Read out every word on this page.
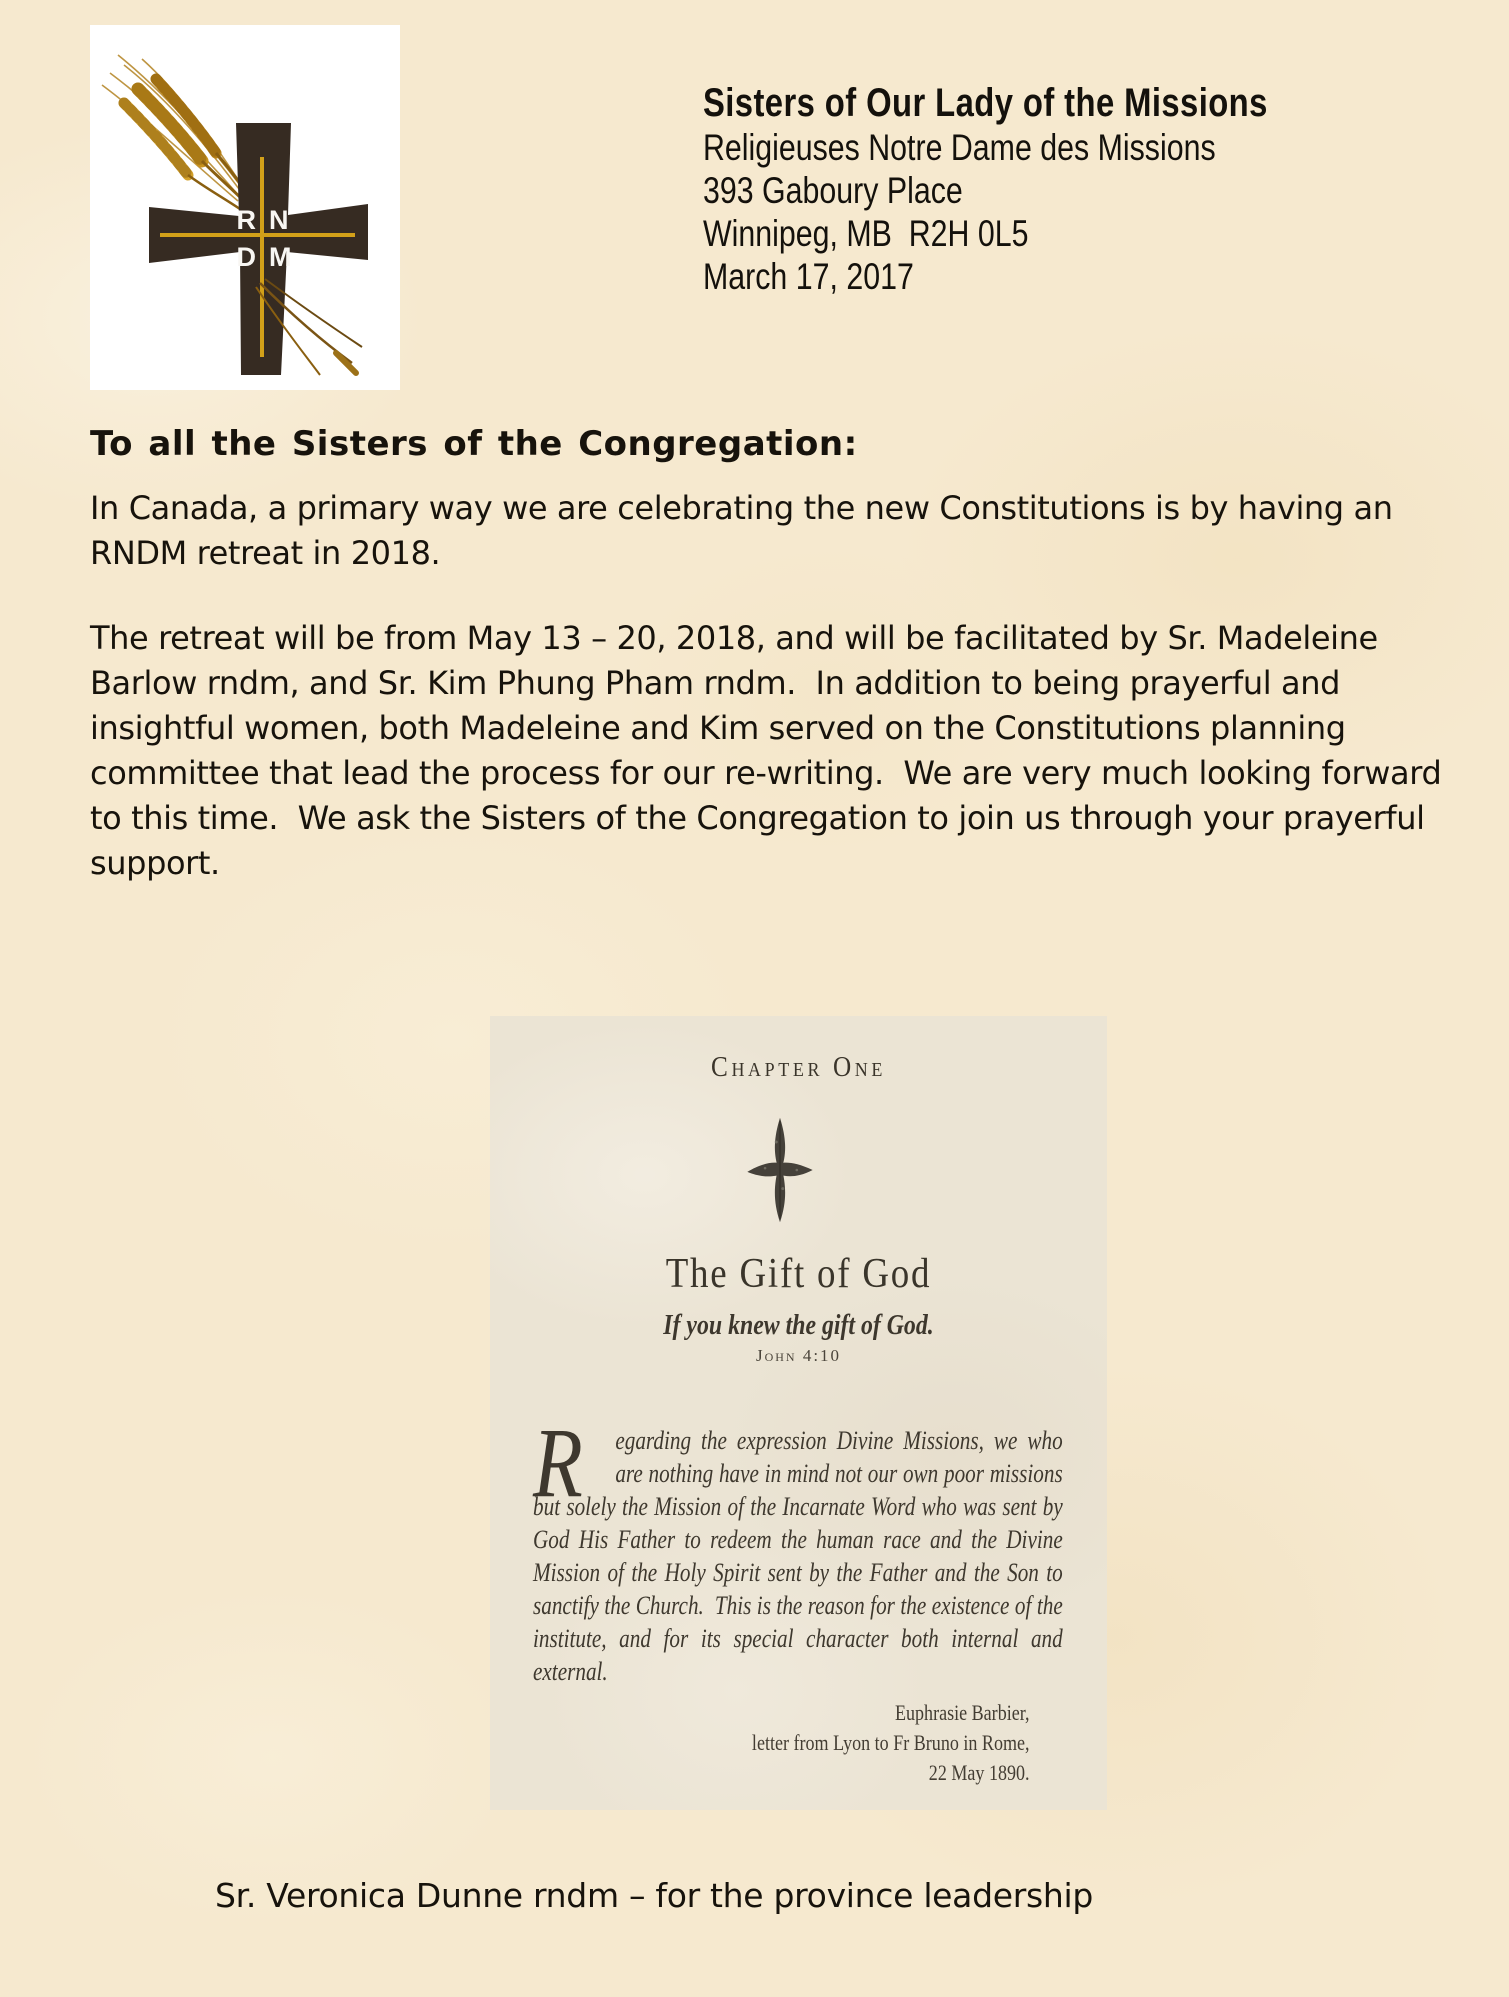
R N
D M
Sisters of Our Lady of the Missions
Religieuses Notre Dame des Missions
393 Gaboury Place
Winnipeg, MB  R2H 0L5
March 17, 2017
To all the Sisters of the Congregation:
In Canada, a primary way we are celebrating the new Constitutions is by having an RNDM retreat in 2018.
The retreat will be from May 13 – 20, 2018, and will be facilitated by Sr. Madeleine Barlow rndm, and Sr. Kim Phung Pham rndm.  In addition to being prayerful and insightful women, both Madeleine and Kim served on the Constitutions planning committee that lead the process for our re-writing.  We are very much looking forward to this time.  We ask the Sisters of the Congregation to join us through your prayerful support.
Chapter One
The Gift of God
If you knew the gift of God.
John 4:10
R	egarding the expression Divine Missions, we who are nothing have in mind not our own poor missions but solely the Mission of the Incarnate Word who was sent by God His Father to redeem the human race and the Divine Mission of the Holy Spirit sent by the Father and the Son to sanctify the Church.  This is the reason for the existence of the institute, and for its special character both internal and external.
Euphrasie Barbier,
letter from Lyon to Fr Bruno in Rome,
22 May 1890.
Sr. Veronica Dunne rndm – for the province leadership
